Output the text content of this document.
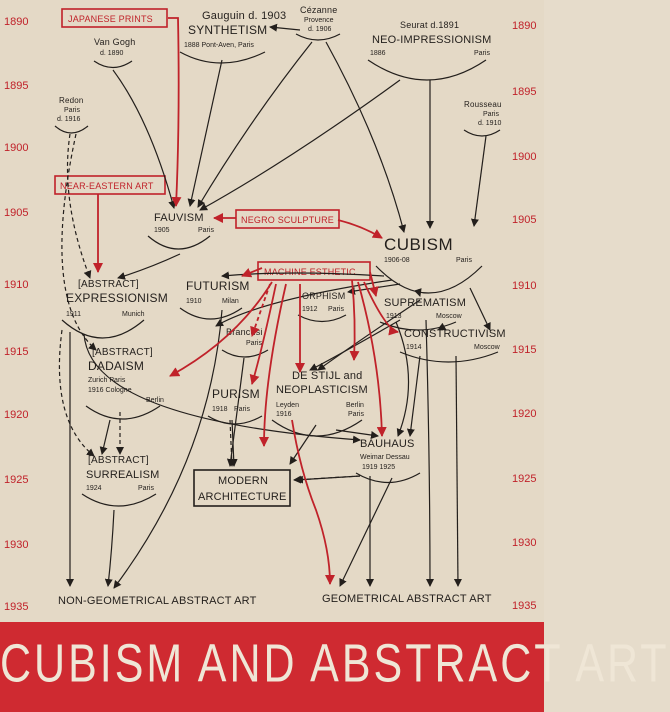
1890
1895
1900
1905
1910
1915
1920
1925
1930
1935
1890
1895
1900
1905
1910
1915
1920
1925
1930
1935
JAPANESE PRINTS
NEAR-EASTERN ART
NEGRO SCULPTURE
MACHINE ESTHETIC
Gauguin d. 1903
SYNTHETISM
1888 Pont-Aven, Paris
Cézanne
Provence
d. 1906	Seurat d.1891
NEO-IMPRESSIONISM
1886	Paris
Van Gogh
d. 1890
Redon
Paris
d. 1916
Rousseau
Paris
d. 1910
FAUVISM
1905	Paris
CUBISM
1906-08	Paris
[ABSTRACT]
EXPRESSIONISM
1911	Munich
FUTURISM
1910	Milan
ORPHISM
1912 Paris
SUPREMATISM
1913	Moscow
CONSTRUCTIVISM
1914	Moscow
Brancusi
Paris
[ABSTRACT]
DADAISM
Zurich Paris
1916 Cologne
Berlin	PURISM
1918 Paris
DE STIJL and
NEOPLASTICISM
Leyden
1916
Berlin
Paris
BAUHAUS
Weimar Dessau
1919 1925
[ABSTRACT]
SURREALISM
1924	Paris
MODERN
ARCHITECTURE
NON-GEOMETRICAL ABSTRACT ART	GEOMETRICAL ABSTRACT ART
CUBISM AND ABSTRACT ART
